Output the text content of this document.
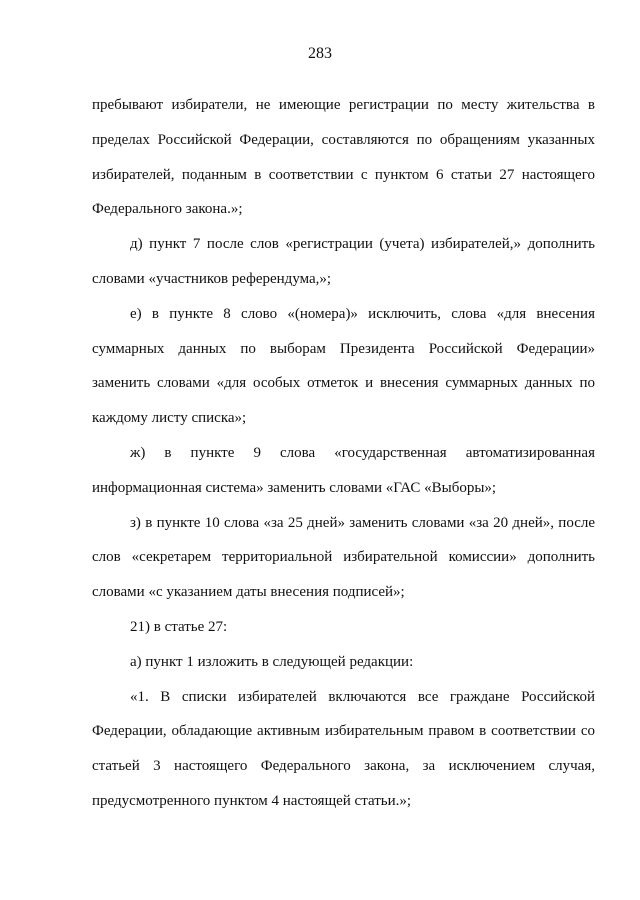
283

пребывают избиратели, не имеющие регистрации по месту жительства в пределах Российской Федерации, составляются по обращениям указанных избирателей, поданным в соответствии с пунктом 6 статьи 27 настоящего Федерального закона.»;

д) пункт 7 после слов «регистрации (учета) избирателей,» дополнить словами «участников референдума,»;

е) в пункте 8 слово «(номера)» исключить, слова «для внесения суммарных данных по выборам Президента Российской Федерации» заменить словами «для особых отметок и внесения суммарных данных по каждому листу списка»;

ж) в пункте 9 слова «государственная автоматизированная информационная система» заменить словами «ГАС «Выборы»;

з) в пункте 10 слова «за 25 дней» заменить словами «за 20 дней», после слов «секретарем территориальной избирательной комиссии» дополнить словами «с указанием даты внесения подписей»;

21) в статье 27:

а) пункт 1 изложить в следующей редакции:

«1. В списки избирателей включаются все граждане Российской Федерации, обладающие активным избирательным правом в соответствии со статьей 3 настоящего Федерального закона, за исключением случая, предусмотренного пунктом 4 настоящей статьи.»;
